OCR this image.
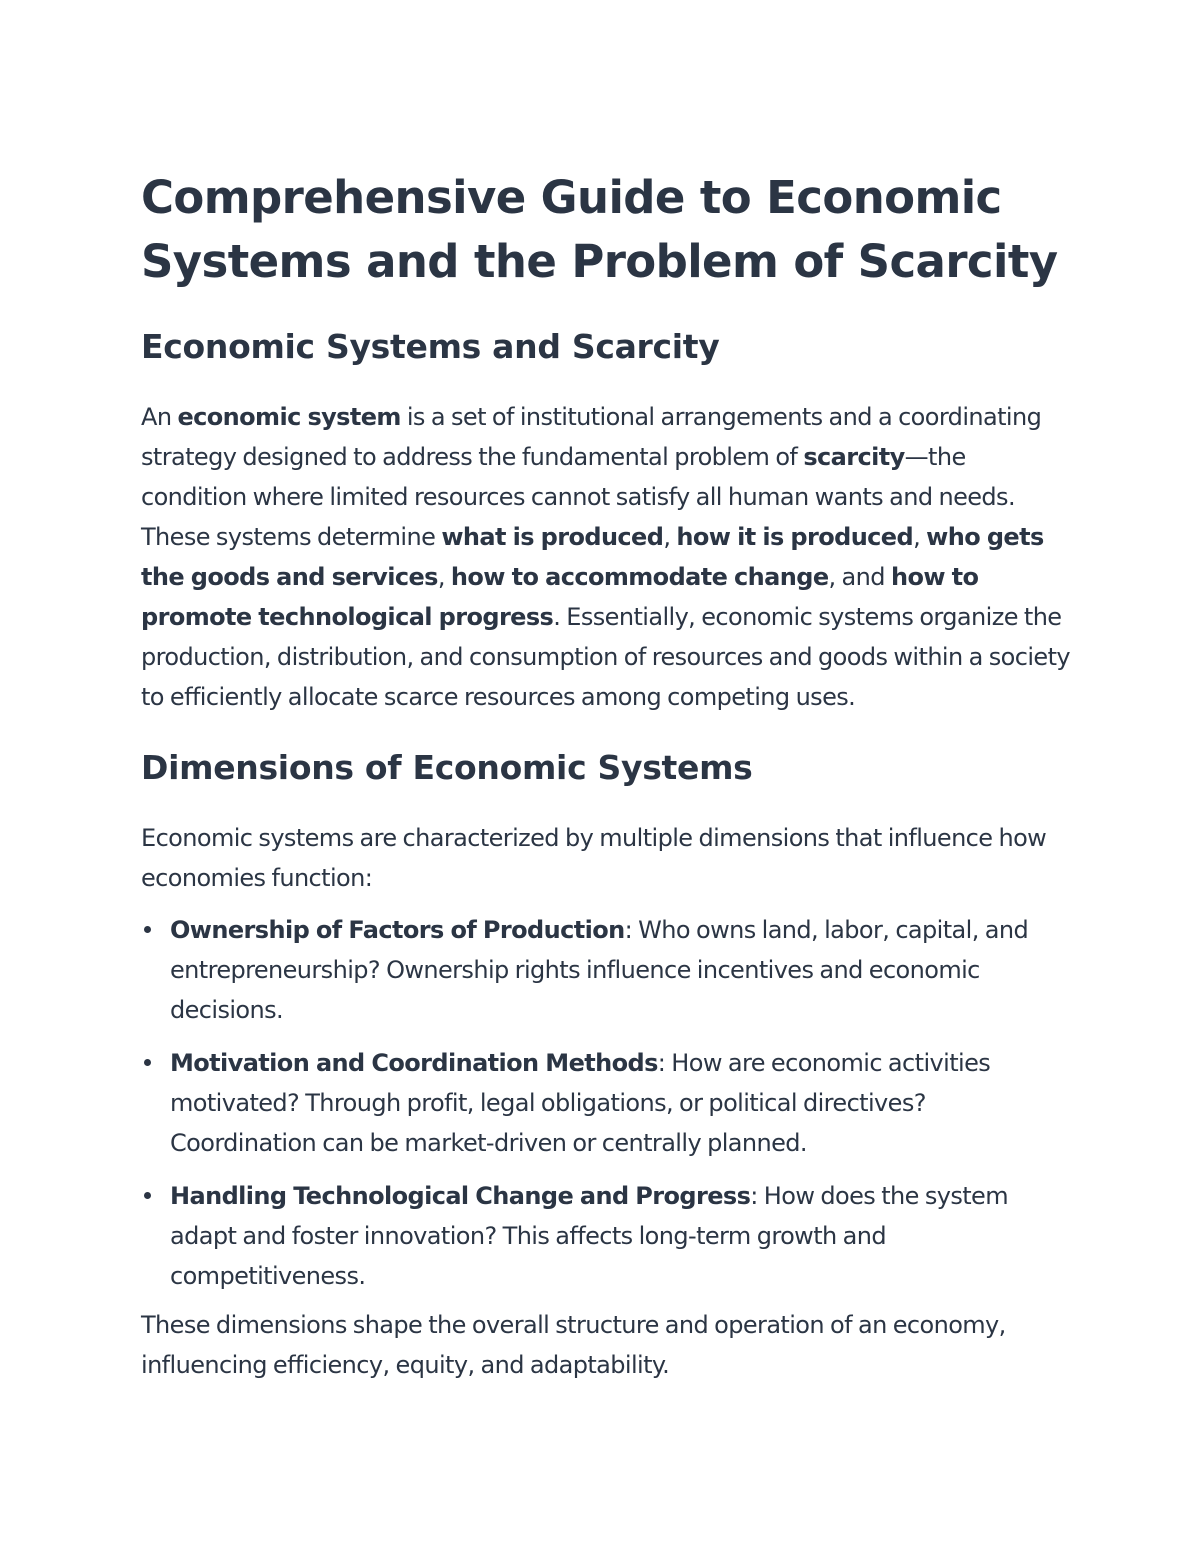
Comprehensive Guide to Economic Systems and the Problem of Scarcity
Economic Systems and Scarcity

An economic system is a set of institutional arrangements and a coordinating strategy designed to address the fundamental problem of scarcity—the condition where limited resources cannot satisfy all human wants and needs. These systems determine what is produced, how it is produced, who gets the goods and services, how to accommodate change, and how to promote technological progress. Essentially, economic systems organize the production, distribution, and consumption of resources and goods within a society to efficiently allocate scarce resources among competing uses.

Dimensions of Economic Systems

Economic systems are characterized by multiple dimensions that influence how economies function:

Ownership of Factors of Production: Who owns land, labor, capital, and entrepreneurship? Ownership rights influence incentives and economic decisions.
Motivation and Coordination Methods: How are economic activities motivated? Through profit, legal obligations, or political directives? Coordination can be market-driven or centrally planned.
Handling Technological Change and Progress: How does the system adapt and foster innovation? This affects long-term growth and competitiveness.

These dimensions shape the overall structure and operation of an economy, influencing efficiency, equity, and adaptability.
